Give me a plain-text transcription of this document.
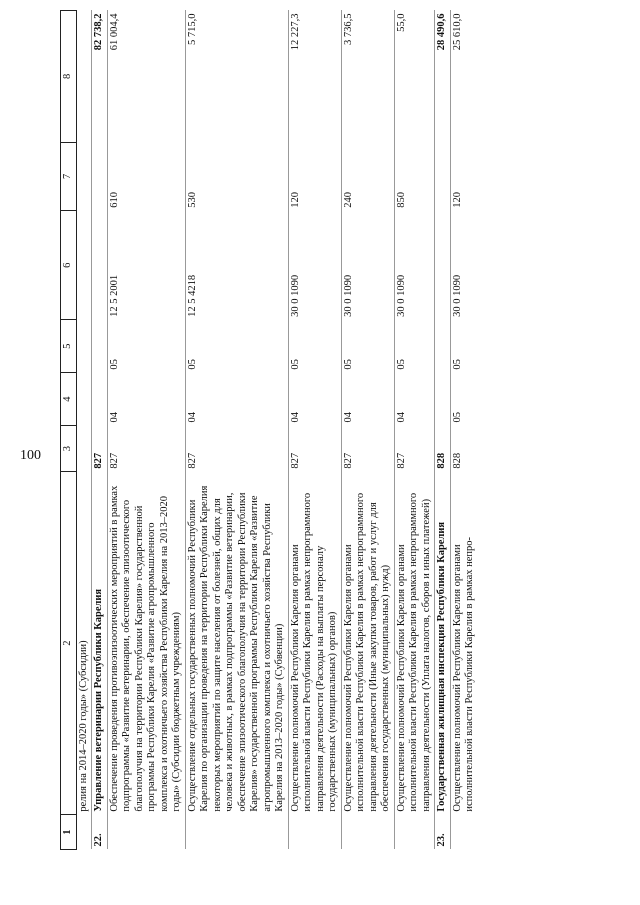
100
1	2	3	4	5	6	7	8
	релия на 2014–2020 годы» (Субсидии)						
22.	Управление ветеринарии Республики Карелия	827					82 738,2
	Обеспечение проведения противоэпизоотических мероприятий в рамках подпрограммы «Развитие ветеринарии, обеспечение эпизоотического благополучия на территории Республики Карелия» государственной программы Республики Карелия «Развитие агропромышленного комплекса и охотничьего хозяйства Республики Карелия на 2013–2020 годы» (Субсидии бюджетным учреждениям)	827	04	05	12 5 2001	610	61 004,4
	Осуществление отдельных государственных полномочий Республики Карелия по организации проведения на территории Республики Карелия некоторых мероприятий по защите населения от болезней, общих для человека и животных, в рамках подпрограммы «Развитие ветеринарии, обеспечение эпизоотического благополучия на территории Республики Карелия» государственной программы Республики Карелия «Развитие агропромышленного комплекса и охотничьего хозяйства Республики Карелия на 2013–2020 годы» (Субвенции)	827	04	05	12 5 4218	530	5 715,0
	Осуществление полномочий Республики Карелия органами исполнительной власти Республики Карелия в рамках непрограммного направления деятельности (Расходы на выплаты персоналу государственных (муниципальных) органов)	827	04	05	30 0 1090	120	12 227,3
	Осуществление полномочий Республики Карелия органами исполнительной власти Республики Карелия в рамках непрограммного направления деятельности (Иные закупки товаров, работ и услуг для обеспечения государственных (муниципальных) нужд)	827	04	05	30 0 1090	240	3 736,5
	Осуществление полномочий Республики Карелия органами исполнительной власти Республики Карелия в рамках непрограммного направления деятельности (Уплата налогов, сборов и иных платежей)	827	04	05	30 0 1090	850	55,0
23.	Государственная жилищная инспекция Республики Карелия	828					28 490,6
	Осуществление полномочий Республики Карелия органами исполнительной власти Республики Карелия в рамках непро-	828	05	05	30 0 1090	120	25 610,0
